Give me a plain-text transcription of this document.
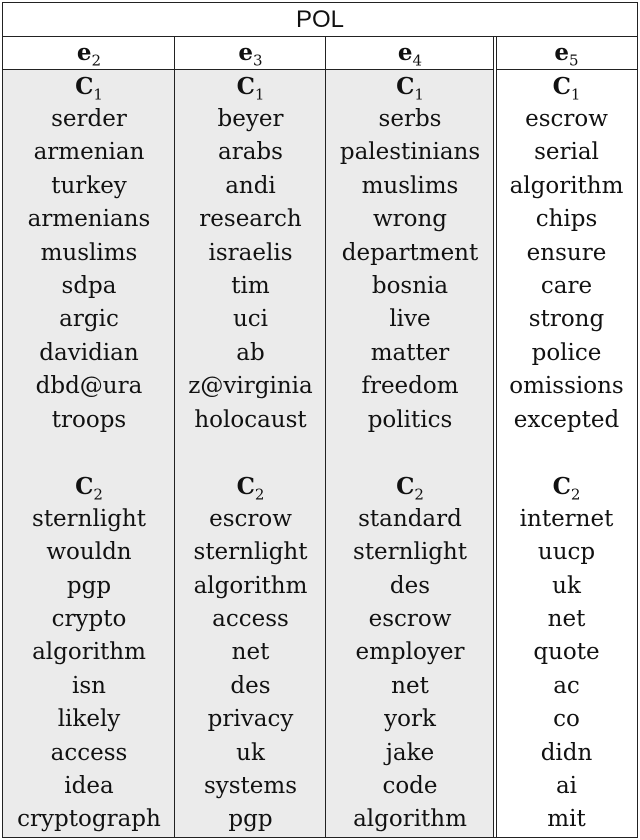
POL
$e_2$
$C_1$
serder
armenian
turkey
armenians
muslims
sdpa
argic
davidian
dbd@ura
troops
$C_2$
sternlight
wouldn
pgp
crypto
algorithm
isn
likely
access
idea
cryptograph
$e_3$
$C_1$
beyer
arabs
andi
research
israelis
tim
uci
ab
z@virginia
holocaust
$C_2$
escrow
sternlight
algorithm
access
net
des
privacy
uk
systems
pgp
$e_4$
$C_1$
serbs
palestinians
muslims
wrong
department
bosnia
live
matter
freedom
politics
$C_2$
standard
sternlight
des
escrow
employer
net
york
jake
code
algorithm
$e_5$
$C_1$
escrow
serial
algorithm
chips
ensure
care
strong
police
omissions
excepted
$C_2$
internet
uucp
uk
net
quote
ac
co
didn
ai
mit
